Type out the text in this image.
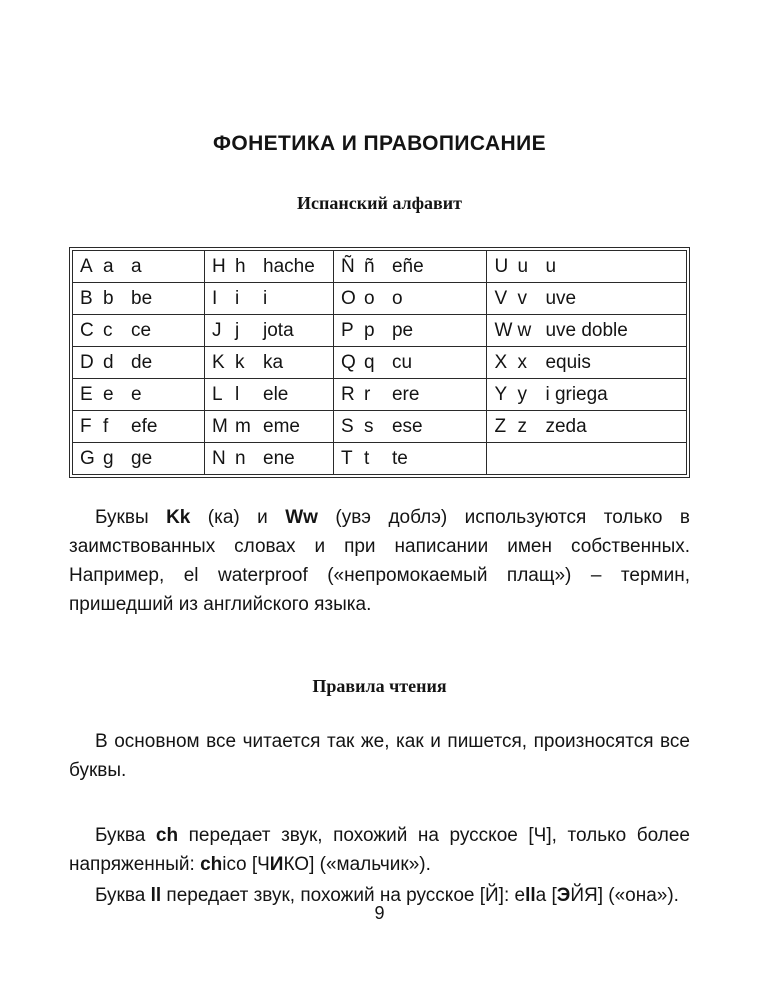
ФОНЕТИКА И ПРАВОПИСАНИЕ
Испанский алфавит
A a a	H h hache	Ñ ñ eñe	U u u
B b be	I i i	O o o	V v uve
C c ce	J j jota	P p pe	W w uve doble
D d de	K k ka	Q q cu	X x equis
E e e	L l ele	R r ere	Y y i griega
F f efe	M m eme	S s ese	Z z zeda
G g ge	N n ene	T t te	

Буквы Kk (ка) и Ww (увэ доблэ) используются только в заимствованных словах и при написании имен собственных. Например, el waterproof («непромокаемый плащ») – термин, пришедший из английского языка.

Правила чтения

В основном все читается так же, как и пишется, произносятся все буквы.

Буква ch передает звук, похожий на русское [Ч], только более напряженный: chico [ЧИКО] («мальчик»).

Буква ll передает звук, похожий на русское [Й]: ella [ЭЙЯ] («она»).

9
